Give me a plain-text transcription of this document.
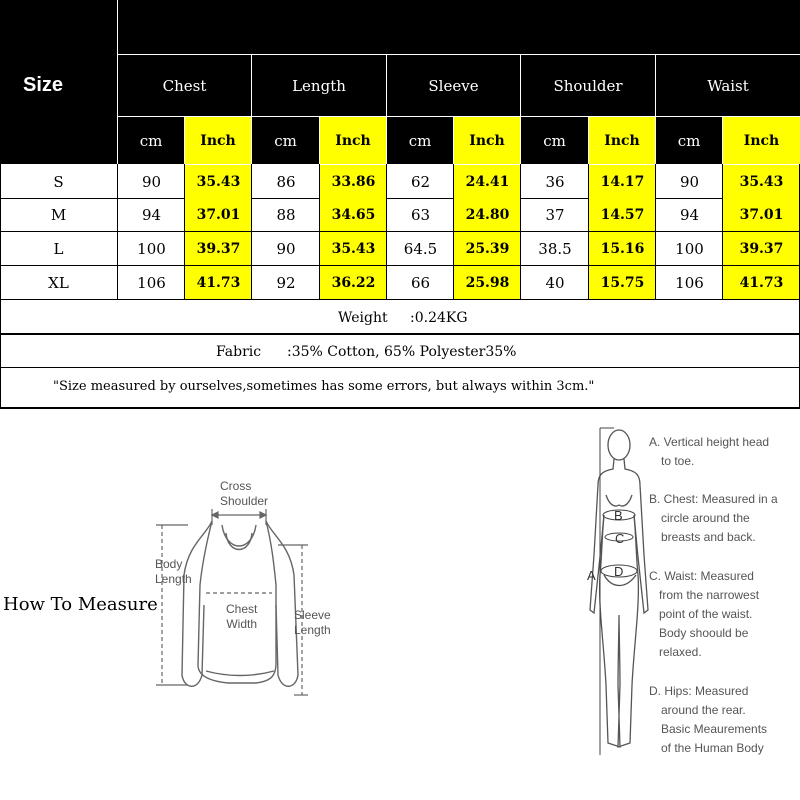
Size	Chest	Length	Sleeve	Shoulder	Waist
cm	Inch	cm	Inch	cm	Inch	cm	Inch	cm	Inch
S	90	35.43	86	33.86	62	24.41	36	14.17	90	35.43
M	94	37.01	88	34.65	63	24.80	37	14.57	94	37.01
L	100	39.37	90	35.43	64.5	25.39	38.5	15.16	100	39.37
XL	106	41.73	92	36.22	66	25.98	40	15.75	106	41.73
Weight :0.24KG
Fabric :35% Cotton, 65% Polyester35%
"Size measured by ourselves,sometimes has some errors, but always within 3cm."
How To Measure
Cross
Shoulder
Body
Length
Chest
Width
Sleeve
Length
A
B
C
D
A. Vertical height head
to toe.
B. Chest: Measured in a
circle around the
breasts and back.
C. Waist: Measured
from the narrowest
point of the waist.
Body shoould be
relaxed.
D. Hips: Measured
around the rear.
Basic Meaurements
of the Human Body
